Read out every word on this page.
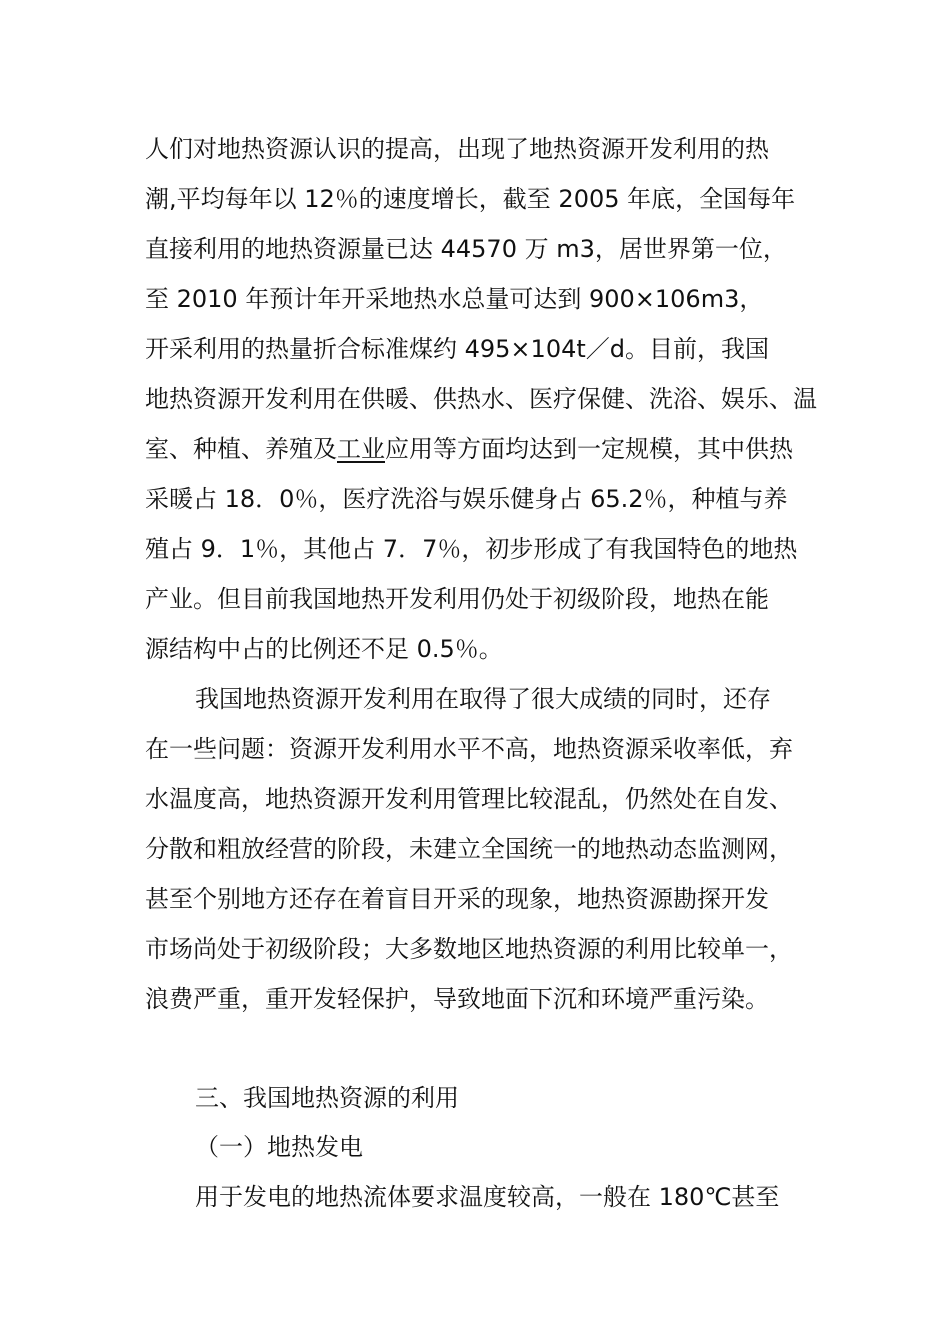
人们对地热资源认识的提高，出现了地热资源开发利用的热
潮,平均每年以 12％的速度增长，截至 2005 年底，全国每年
直接利用的地热资源量已达 44570 万 m3，居世界第一位，
至 2010 年预计年开采地热水总量可达到 900×106m3，
开采利用的热量折合标准煤约 495×104t／d。目前，我国
地热资源开发利用在供暖、供热水、医疗保健、洗浴、娱乐、温
室、种植、养殖及工业应用等方面均达到一定规模，其中供热
采暖占 18．0％，医疗洗浴与娱乐健身占 65.2％，种植与养
殖占 9．1％，其他占 7．7％，初步形成了有我国特色的地热
产业。但目前我国地热开发利用仍处于初级阶段，地热在能
源结构中占的比例还不足 0.5％。
我国地热资源开发利用在取得了很大成绩的同时，还存
在一些问题：资源开发利用水平不高，地热资源采收率低，弃
水温度高，地热资源开发利用管理比较混乱，仍然处在自发、
分散和粗放经营的阶段，未建立全国统一的地热动态监测网，
甚至个别地方还存在着盲目开采的现象，地热资源勘探开发
市场尚处于初级阶段；大多数地区地热资源的利用比较单一，
浪费严重，重开发轻保护，导致地面下沉和环境严重污染。
三、我国地热资源的利用
（一）地热发电
用于发电的地热流体要求温度较高，一般在 180℃甚至
